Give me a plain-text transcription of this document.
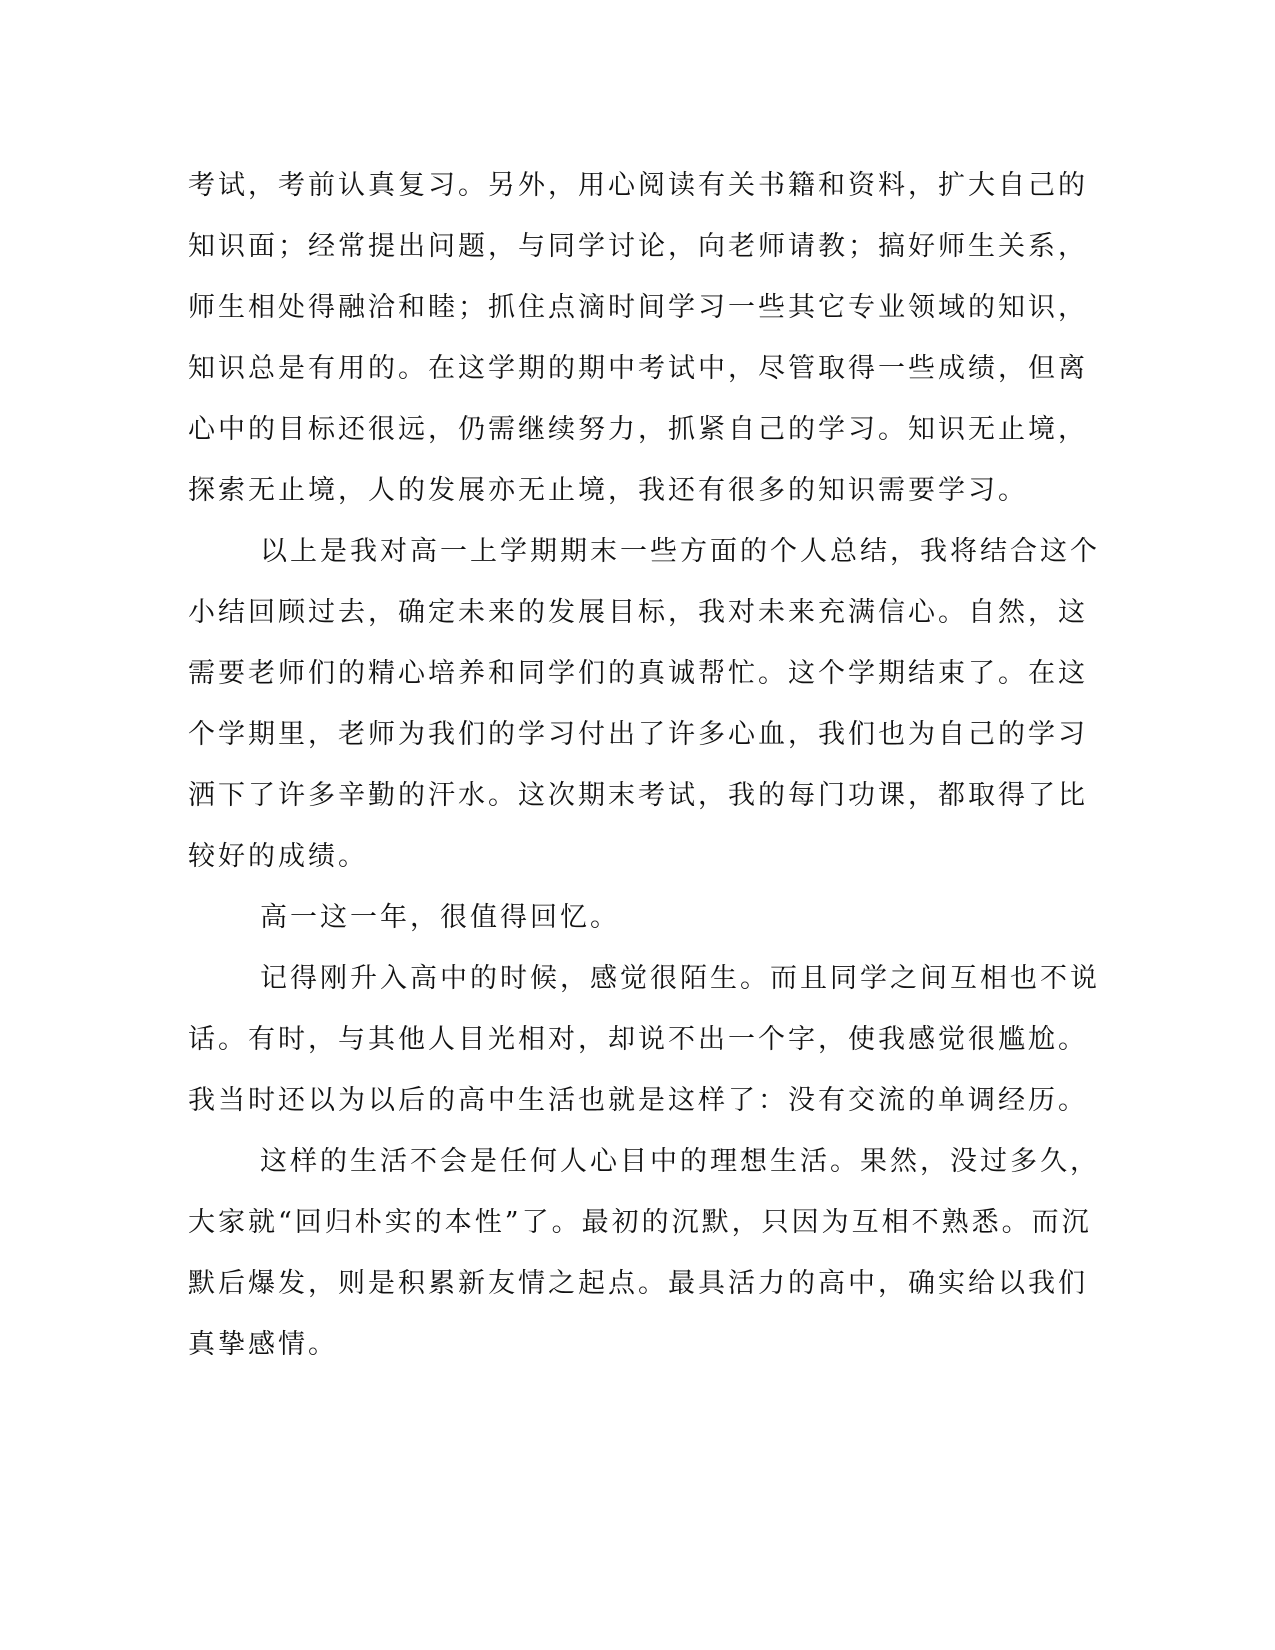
考试，考前认真复习。另外，用心阅读有关书籍和资料，扩大自己的
知识面；经常提出问题，与同学讨论，向老师请教；搞好师生关系，
师生相处得融洽和睦；抓住点滴时间学习一些其它专业领域的知识，
知识总是有用的。在这学期的期中考试中，尽管取得一些成绩，但离
心中的目标还很远，仍需继续努力，抓紧自己的学习。知识无止境，
探索无止境，人的发展亦无止境，我还有很多的知识需要学习。
以上是我对高一上学期期末一些方面的个人总结，我将结合这个
小结回顾过去，确定未来的发展目标，我对未来充满信心。自然，这
需要老师们的精心培养和同学们的真诚帮忙。这个学期结束了。在这
个学期里，老师为我们的学习付出了许多心血，我们也为自己的学习
洒下了许多辛勤的汗水。这次期末考试，我的每门功课，都取得了比
较好的成绩。
高一这一年，很值得回忆。
记得刚升入高中的时候，感觉很陌生。而且同学之间互相也不说
话。有时，与其他人目光相对，却说不出一个字，使我感觉很尴尬。
我当时还以为以后的高中生活也就是这样了：没有交流的单调经历。
这样的生活不会是任何人心目中的理想生活。果然，没过多久，
大家就“回归朴实的本性”了。最初的沉默，只因为互相不熟悉。而沉
默后爆发，则是积累新友情之起点。最具活力的高中，确实给以我们
真挚感情。
